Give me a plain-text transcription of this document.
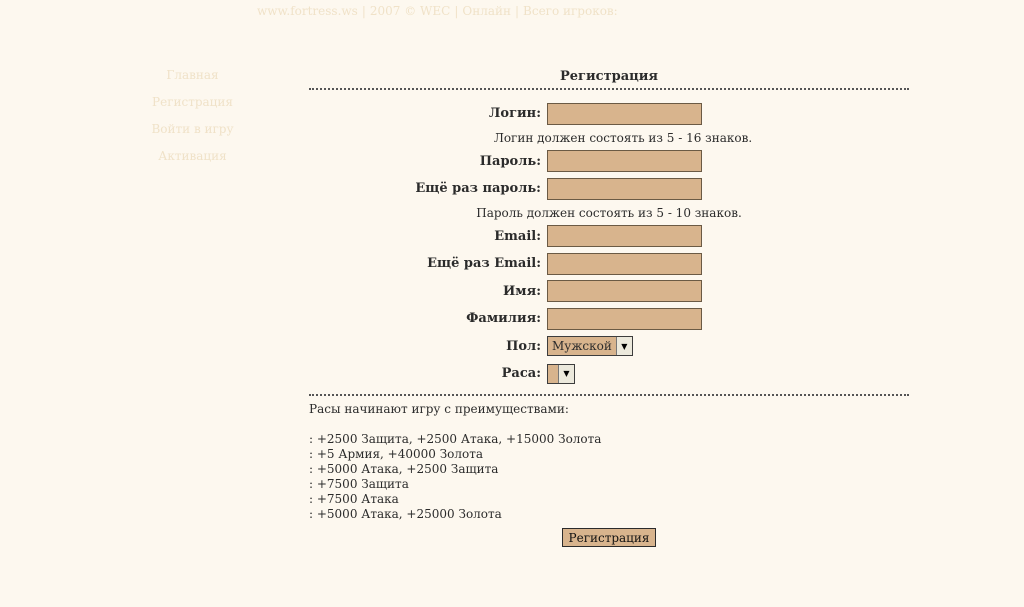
www.fortress.ws | 2007 © WEC | Онлайн | Всего игроков:
Главная
Регистрация
Войти в игру
Активация
Регистрация
Логин:
Логин должен состоять из 5 - 16 знаков.
Пароль:
Ещё раз пароль:
Пароль должен состоять из 5 - 10 знаков.
Email:
Ещё раз Email:
Имя:
Фамилия:
Пол: Мужской	▼
Раса:	▼
Расы начинают игру с преимуществами:
: +2500 Защита, +2500 Атака, +15000 Золота
: +5 Армия, +40000 Золота
: +5000 Атака, +2500 Защита
: +7500 Защита
: +7500 Атака
: +5000 Атака, +25000 Золота
Регистрация
